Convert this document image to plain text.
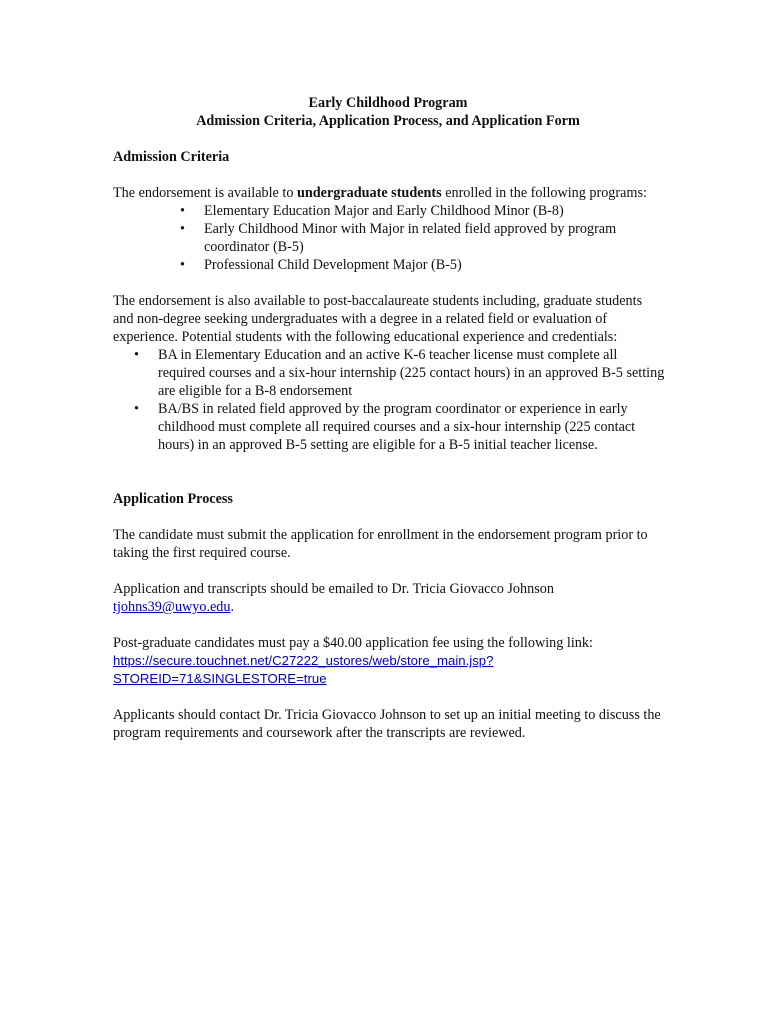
Early Childhood Program
Admission Criteria, Application Process, and Application Form

Admission Criteria

The endorsement is available to undergraduate students enrolled in the following programs:

• Elementary Education Major and Early Childhood Minor (B-8)
• Early Childhood Minor with Major in related field approved by program coordinator (B-5)
• Professional Child Development Major (B-5)

The endorsement is also available to post-baccalaureate students including, graduate students and non-degree seeking undergraduates with a degree in a related field or evaluation of experience. Potential students with the following educational experience and credentials:

• BA in Elementary Education and an active K-6 teacher license must complete all required courses and a six-hour internship (225 contact hours) in an approved B-5 setting are eligible for a B-8 endorsement
• BA/BS in related field approved by the program coordinator or experience in early childhood must complete all required courses and a six-hour internship (225 contact hours) in an approved B-5 setting are eligible for a B-5 initial teacher license.

Application Process

The candidate must submit the application for enrollment in the endorsement program prior to taking the first required course.

Application and transcripts should be emailed to Dr. Tricia Giovacco Johnson
tjohns39@uwyo.edu.

Post-graduate candidates must pay a $40.00 application fee using the following link:
https://secure.touchnet.net/C27222_ustores/web/store_main.jsp?
STOREID=71&SINGLESTORE=true

Applicants should contact Dr. Tricia Giovacco Johnson to set up an initial meeting to discuss the program requirements and coursework after the transcripts are reviewed.
